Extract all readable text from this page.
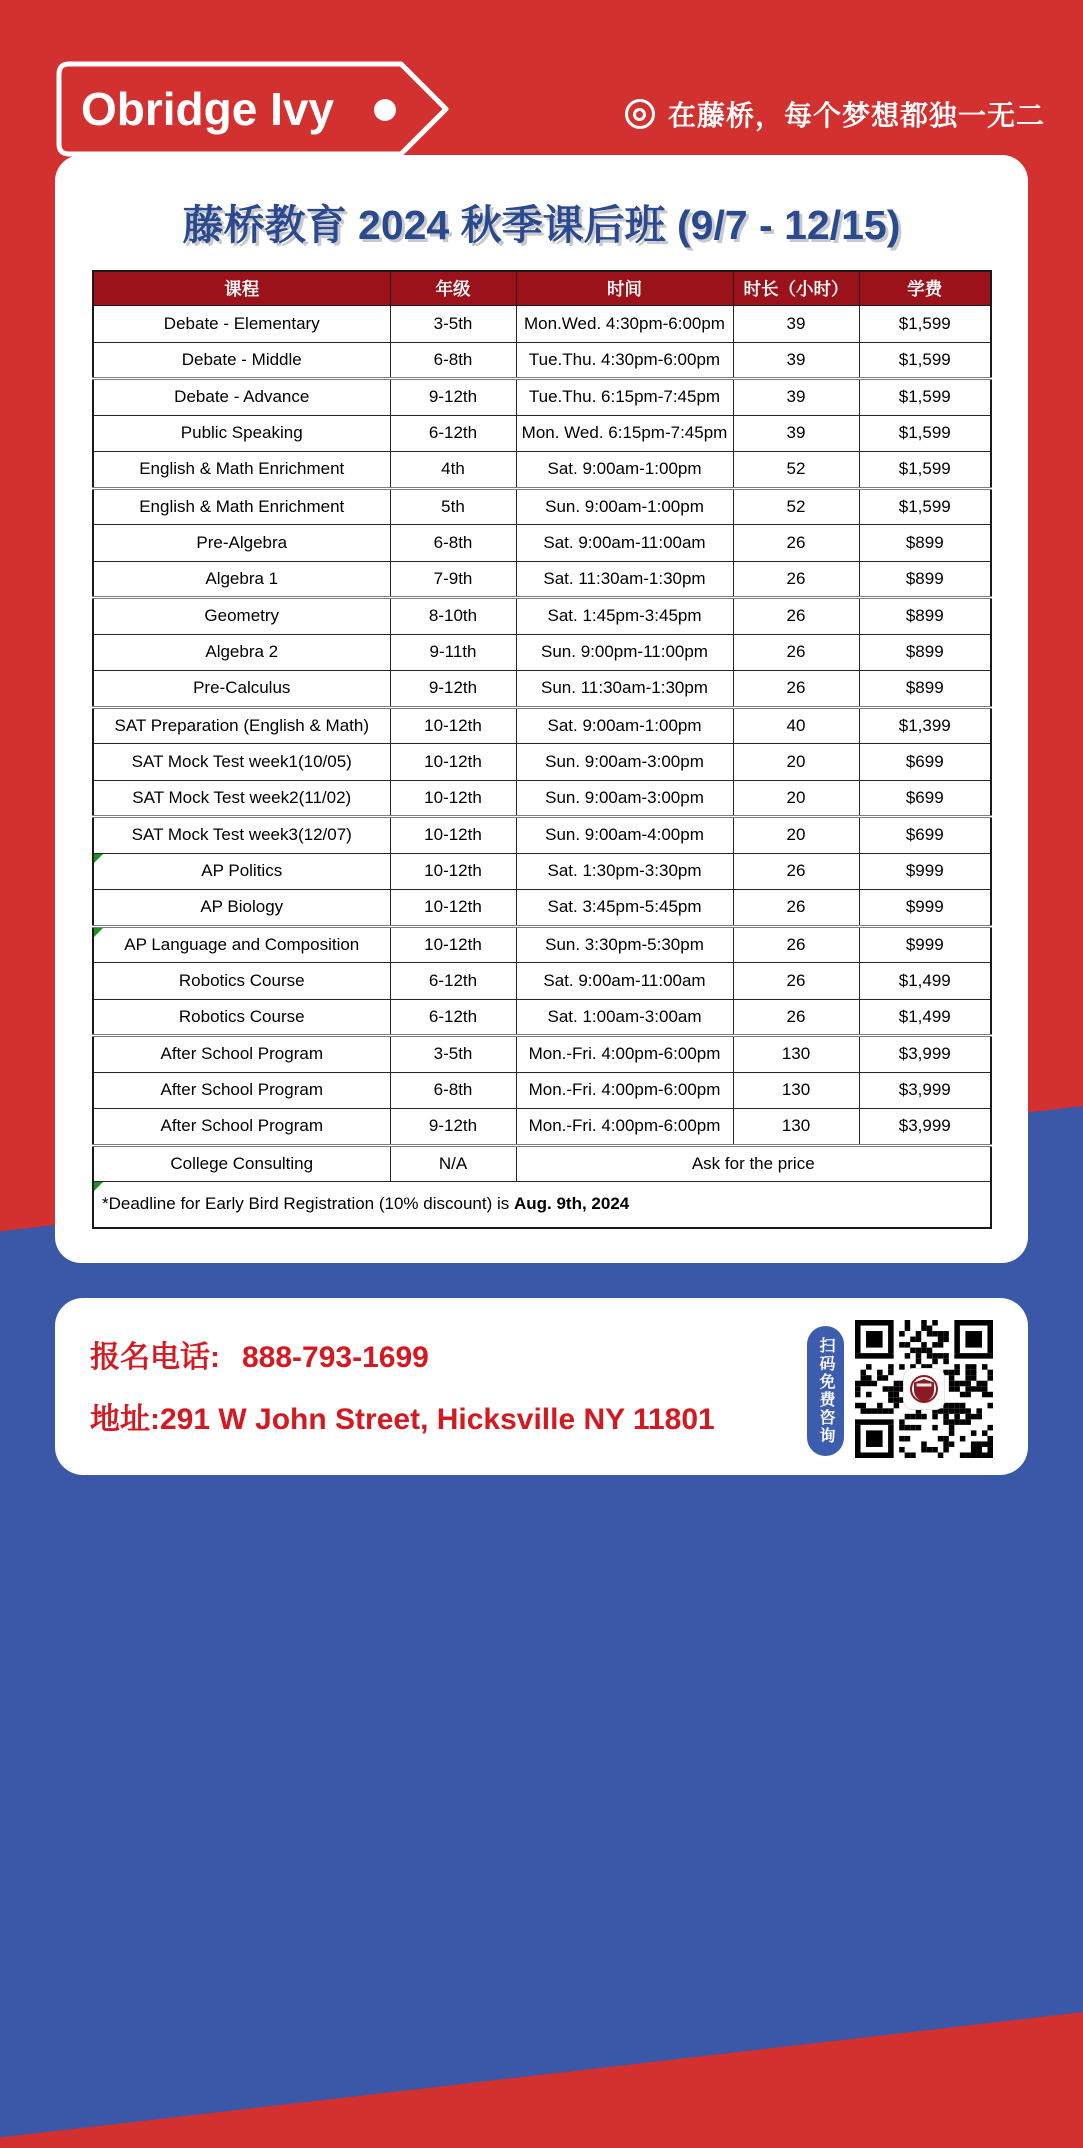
Obridge Ivy	在藤桥，每个梦想都独一无二
藤桥教育 2024 秋季课后班 (9/7 - 12/15)
课程	年级	时间	时长（小时）	学费
Debate - Elementary	3-5th	Mon.Wed. 4:30pm-6:00pm	39	$1,599
Debate - Middle	6-8th	Tue.Thu. 4:30pm-6:00pm	39	$1,599
Debate - Advance	9-12th	Tue.Thu. 6:15pm-7:45pm	39	$1,599
Public Speaking	6-12th	Mon. Wed. 6:15pm-7:45pm	39	$1,599
English & Math Enrichment	4th	Sat. 9:00am-1:00pm	52	$1,599
English & Math Enrichment	5th	Sun. 9:00am-1:00pm	52	$1,599
Pre-Algebra	6-8th	Sat. 9:00am-11:00am	26	$899
Algebra 1	7-9th	Sat. 11:30am-1:30pm	26	$899
Geometry	8-10th	Sat. 1:45pm-3:45pm	26	$899
Algebra 2	9-11th	Sun. 9:00pm-11:00pm	26	$899
Pre-Calculus	9-12th	Sun. 11:30am-1:30pm	26	$899
SAT Preparation (English & Math)	10-12th	Sat. 9:00am-1:00pm	40	$1,399
SAT Mock Test week1(10/05)	10-12th	Sun. 9:00am-3:00pm	20	$699
SAT Mock Test week2(11/02)	10-12th	Sun. 9:00am-3:00pm	20	$699
SAT Mock Test week3(12/07)	10-12th	Sun. 9:00am-4:00pm	20	$699
AP Politics	10-12th	Sat. 1:30pm-3:30pm	26	$999
AP Biology	10-12th	Sat. 3:45pm-5:45pm	26	$999
AP Language and Composition	10-12th	Sun. 3:30pm-5:30pm	26	$999
Robotics Course	6-12th	Sat. 9:00am-11:00am	26	$1,499
Robotics Course	6-12th	Sat. 1:00am-3:00am	26	$1,499
After School Program	3-5th	Mon.-Fri. 4:00pm-6:00pm	130	$3,999
After School Program	6-8th	Mon.-Fri. 4:00pm-6:00pm	130	$3,999
After School Program	9-12th	Mon.-Fri. 4:00pm-6:00pm	130	$3,999
College Consulting	N/A	Ask for the price		

*Deadline for Early Bird Registration (10% discount) is Aug. 9th, 2024				
报名电话: 888-793-1699
地址:291 W John Street, Hicksville NY 11801	扫码免费咨询
